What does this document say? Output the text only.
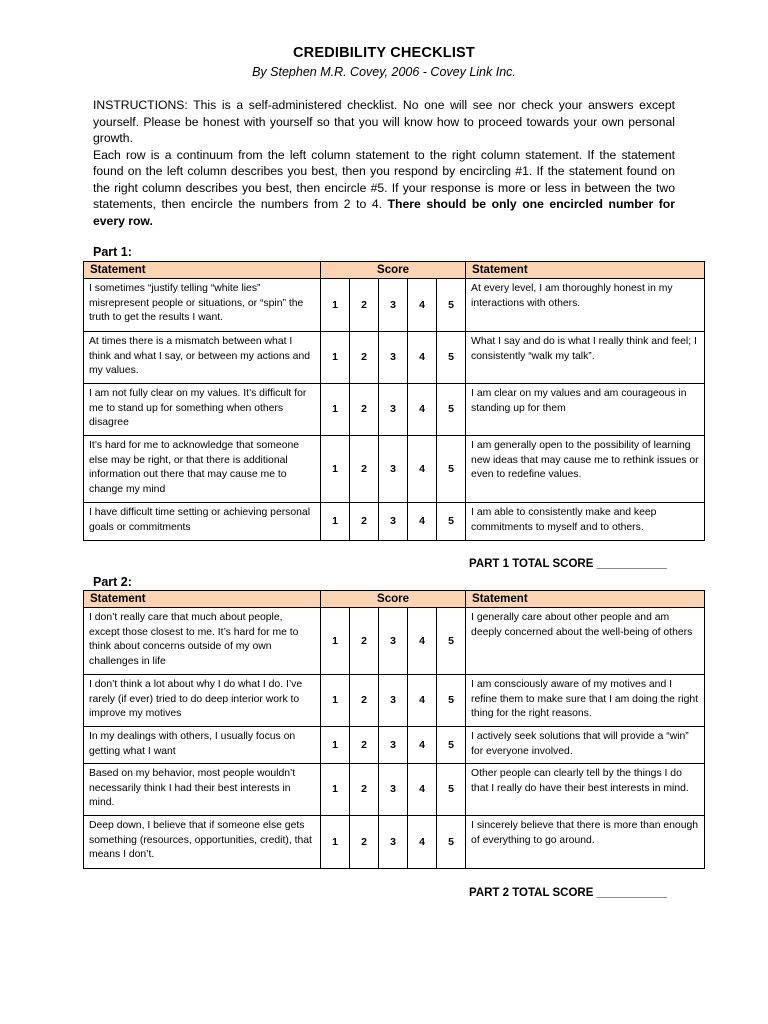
CREDIBILITY CHECKLIST
By Stephen M.R. Covey, 2006 - Covey Link Inc.

INSTRUCTIONS: This is a self-administered checklist. No one will see nor check your answers except yourself. Please be honest with yourself so that you will know how to proceed towards your own personal growth.

Each row is a continuum from the left column statement to the right column statement. If the statement found on the left column describes you best, then you respond by encircling #1. If the statement found on the right column describes you best, then encircle #5. If your response is more or less in between the two statements, then encircle the numbers from 2 to 4. There should be only one encircled number for every row.

Part 1:
Statement	Score					Statement
I sometimes “justify telling “white lies” misrepresent people or situations, or “spin” the truth to get the results I want.	1	2	3	4	5	At every level, I am thoroughly honest in my interactions with others.
At times there is a mismatch between what I think and what I say, or between my actions and my values.	1	2	3	4	5	What I say and do is what I really think and feel; I consistently “walk my talk”.
I am not fully clear on my values. It’s difficult for me to stand up for something when others disagree	1	2	3	4	5	I am clear on my values and am courageous in standing up for them
It’s hard for me to acknowledge that someone else may be right, or that there is additional information out there that may cause me to change my mind	1	2	3	4	5	I am generally open to the possibility of learning new ideas that may cause me to rethink issues or even to redefine values.
I have difficult time setting or achieving personal goals or commitments	1	2	3	4	5	I am able to consistently make and keep commitments to myself and to others.
PART 1 TOTAL SCORE ___________
Part 2:
Statement	Score					Statement
I don’t really care that much about people, except those closest to me. It’s hard for me to think about concerns outside of my own challenges in life	1	2	3	4	5	I generally care about other people and am deeply concerned about the well-being of others
I don’t think a lot about why I do what I do. I’ve rarely (if ever) tried to do deep interior work to improve my motives	1	2	3	4	5	I am consciously aware of my motives and I refine them to make sure that I am doing the right thing for the right reasons.
In my dealings with others, I usually focus on getting what I want	1	2	3	4	5	I actively seek solutions that will provide a “win” for everyone involved.
Based on my behavior, most people wouldn’t necessarily think I had their best interests in mind.	1	2	3	4	5	Other people can clearly tell by the things I do that I really do have their best interests in mind.
Deep down, I believe that if someone else gets something (resources, opportunities, credit), that means I don’t.	1	2	3	4	5	I sincerely believe that there is more than enough of everything to go around.
PART 2 TOTAL SCORE ___________
